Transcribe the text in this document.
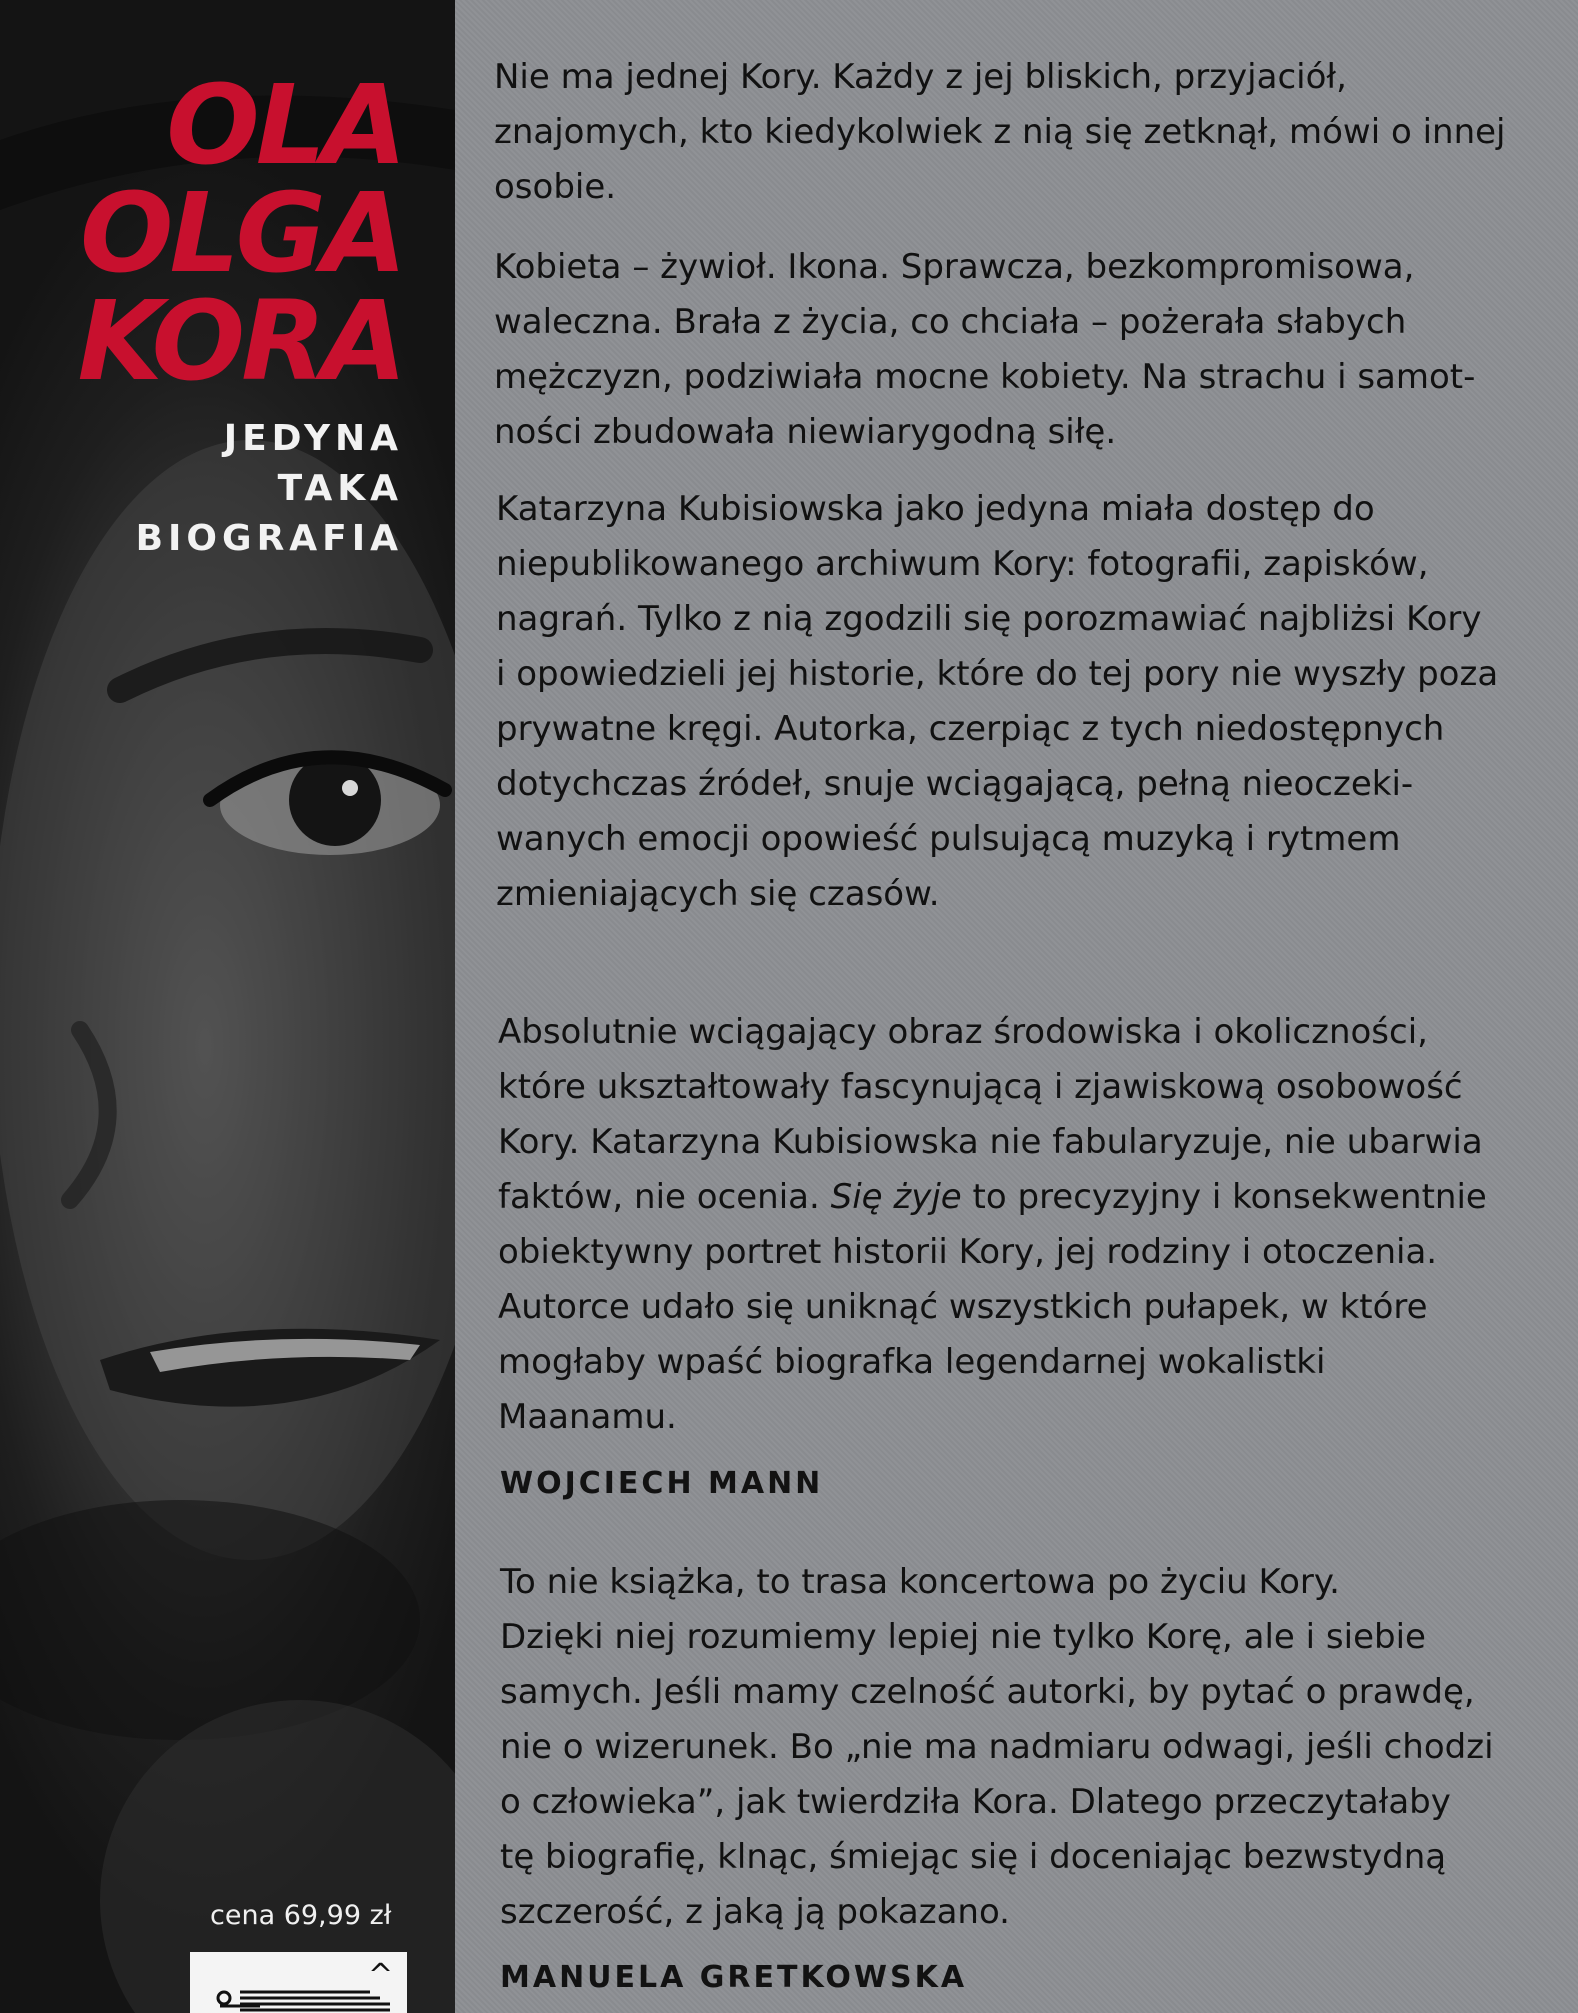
OLA
OLGA
KORA
JEDYNA
TAKA
BIOGRAFIA
cena 69,99 zł
^

Nie ma jednej Kory. Każdy z jej bliskich, przyjaciół,
znajomych, kto kiedykolwiek z nią się zetknął, mówi o innej
osobie.

Kobieta – żywioł. Ikona. Sprawcza, bezkompromisowa,
waleczna. Brała z życia, co chciała – pożerała słabych
mężczyzn, podziwiała mocne kobiety. Na strachu i samot-
ności zbudowała niewiarygodną siłę.

Katarzyna Kubisiowska jako jedyna miała dostęp do
niepublikowanego archiwum Kory: fotografii, zapisków,
nagrań. Tylko z nią zgodzili się porozmawiać najbliżsi Kory
i opowiedzieli jej historie, które do tej pory nie wyszły poza
prywatne kręgi. Autorka, czerpiąc z tych niedostępnych
dotychczas źródeł, snuje wciągającą, pełną nieoczeki-
wanych emocji opowieść pulsującą muzyką i rytmem
zmieniających się czasów.

Absolutnie wciągający obraz środowiska i okoliczności,
które ukształtowały fascynującą i zjawiskową osobowość
Kory. Katarzyna Kubisiowska nie fabularyzuje, nie ubarwia
faktów, nie ocenia. Się żyje to precyzyjny i konsekwentnie
obiektywny portret historii Kory, jej rodziny i otoczenia.
Autorce udało się uniknąć wszystkich pułapek, w które
mogłaby wpaść biografka legendarnej wokalistki
Maanamu.

WOJCIECH MANN

To nie książka, to trasa koncertowa po życiu Kory.
Dzięki niej rozumiemy lepiej nie tylko Korę, ale i siebie
samych. Jeśli mamy czelność autorki, by pytać o prawdę,
nie o wizerunek. Bo „nie ma nadmiaru odwagi, jeśli chodzi
o człowieka”, jak twierdziła Kora. Dlatego przeczytałaby
tę biografię, klnąc, śmiejąc się i doceniając bezwstydną
szczerość, z jaką ją pokazano.

MANUELA GRETKOWSKA
